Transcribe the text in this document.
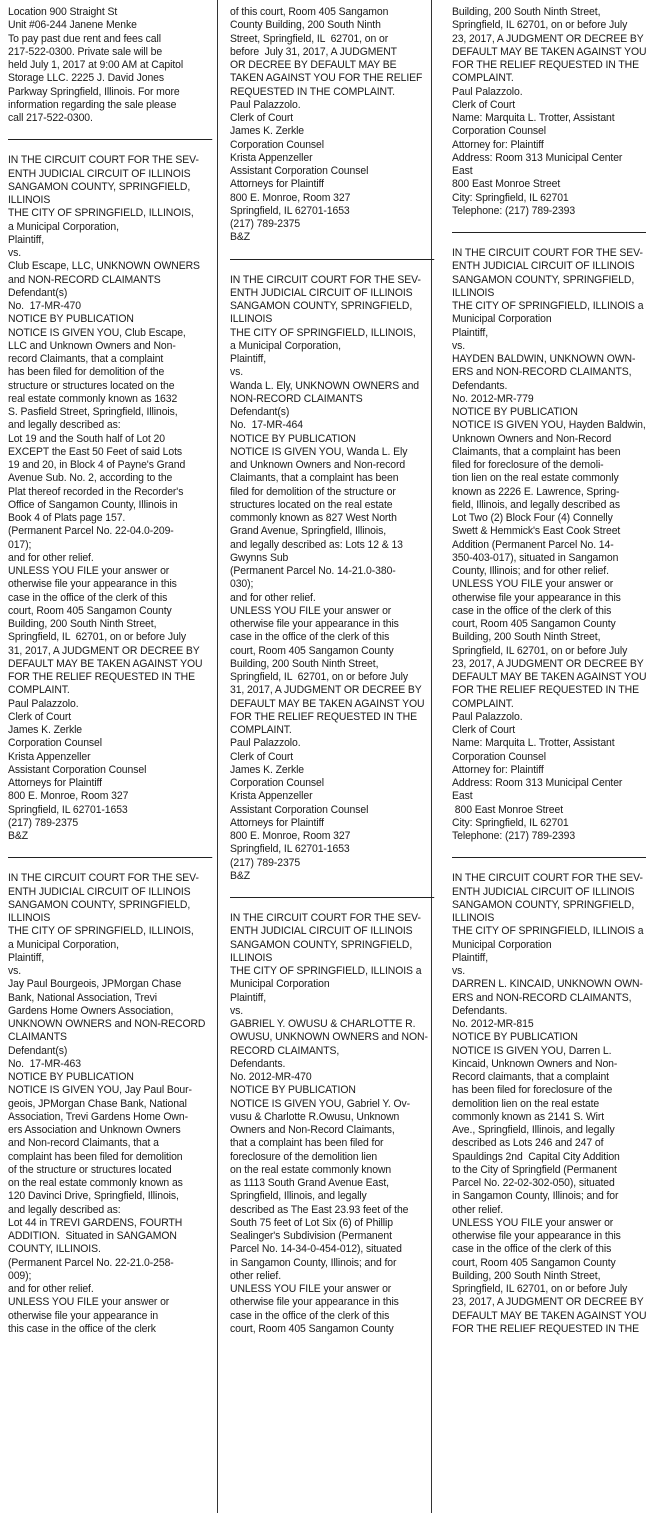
Location 900 Straight St
Unit #06-244 Janene Menke
To pay past due rent and fees call
217-522-0300. Private sale will be
held July 1, 2017 at 9:00 AM at Capitol
Storage LLC. 2225 J. David Jones
Parkway Springfield, Illinois. For more
information regarding the sale please
call 217-522-0300.
IN THE CIRCUIT COURT FOR THE SEV-
ENTH JUDICIAL CIRCUIT OF ILLINOIS
SANGAMON COUNTY, SPRINGFIELD,
ILLINOIS
THE CITY OF SPRINGFIELD, ILLINOIS,
a Municipal Corporation,
Plaintiff,
vs.
Club Escape, LLC, UNKNOWN OWNERS
and NON-RECORD CLAIMANTS
Defendant(s)
No.  17-MR-470
NOTICE BY PUBLICATION
NOTICE IS GIVEN YOU, Club Escape,
LLC and Unknown Owners and Non-
record Claimants, that a complaint
has been filed for demolition of the
structure or structures located on the
real estate commonly known as 1632
S. Pasfield Street, Springfield, Illinois,
and legally described as:
Lot 19 and the South half of Lot 20
EXCEPT the East 50 Feet of said Lots
19 and 20, in Block 4 of Payne's Grand
Avenue Sub. No. 2, according to the
Plat thereof recorded in the Recorder's
Office of Sangamon County, Illinois in
Book 4 of Plats page 157.
(Permanent Parcel No. 22-04.0-209-
017);
and for other relief.
UNLESS YOU FILE your answer or
otherwise file your appearance in this
case in the office of the clerk of this
court, Room 405 Sangamon County
Building, 200 South Ninth Street,
Springfield, IL  62701, on or before July
31, 2017, A JUDGMENT OR DECREE BY
DEFAULT MAY BE TAKEN AGAINST YOU
FOR THE RELIEF REQUESTED IN THE
COMPLAINT.
Paul Palazzolo.
Clerk of Court
James K. Zerkle
Corporation Counsel
Krista Appenzeller
Assistant Corporation Counsel
Attorneys for Plaintiff
800 E. Monroe, Room 327
Springfield, IL 62701-1653
(217) 789-2375
B&Z
IN THE CIRCUIT COURT FOR THE SEV-
ENTH JUDICIAL CIRCUIT OF ILLINOIS
SANGAMON COUNTY, SPRINGFIELD,
ILLINOIS
THE CITY OF SPRINGFIELD, ILLINOIS,
a Municipal Corporation,
Plaintiff,
vs.
Jay Paul Bourgeois, JPMorgan Chase
Bank, National Association, Trevi
Gardens Home Owners Association,
UNKNOWN OWNERS and NON-RECORD
CLAIMANTS
Defendant(s)
No.  17-MR-463
NOTICE BY PUBLICATION
NOTICE IS GIVEN YOU, Jay Paul Bour-
geois, JPMorgan Chase Bank, National
Association, Trevi Gardens Home Own-
ers Association and Unknown Owners
and Non-record Claimants, that a
complaint has been filed for demolition
of the structure or structures located
on the real estate commonly known as
120 Davinci Drive, Springfield, Illinois,
and legally described as:
Lot 44 in TREVI GARDENS, FOURTH
ADDITION.  Situated in SANGAMON
COUNTY, ILLINOIS.
(Permanent Parcel No. 22-21.0-258-
009);
and for other relief.
UNLESS YOU FILE your answer or
otherwise file your appearance in
this case in the office of the clerk
of this court, Room 405 Sangamon
County Building, 200 South Ninth
Street, Springfield, IL  62701, on or
before  July 31, 2017, A JUDGMENT
OR DECREE BY DEFAULT MAY BE
TAKEN AGAINST YOU FOR THE RELIEF
REQUESTED IN THE COMPLAINT.
Paul Palazzolo.
Clerk of Court
James K. Zerkle
Corporation Counsel
Krista Appenzeller
Assistant Corporation Counsel
Attorneys for Plaintiff
800 E. Monroe, Room 327
Springfield, IL 62701-1653
(217) 789-2375
B&Z
IN THE CIRCUIT COURT FOR THE SEV-
ENTH JUDICIAL CIRCUIT OF ILLINOIS
SANGAMON COUNTY, SPRINGFIELD,
ILLINOIS
THE CITY OF SPRINGFIELD, ILLINOIS,
a Municipal Corporation,
Plaintiff,
vs.
Wanda L. Ely, UNKNOWN OWNERS and
NON-RECORD CLAIMANTS
Defendant(s)
No.  17-MR-464
NOTICE BY PUBLICATION
NOTICE IS GIVEN YOU, Wanda L. Ely
and Unknown Owners and Non-record
Claimants, that a complaint has been
filed for demolition of the structure or
structures located on the real estate
commonly known as 827 West North
Grand Avenue, Springfield, Illinois,
and legally described as: Lots 12 & 13
Gwynns Sub
(Permanent Parcel No. 14-21.0-380-
030);
and for other relief.
UNLESS YOU FILE your answer or
otherwise file your appearance in this
case in the office of the clerk of this
court, Room 405 Sangamon County
Building, 200 South Ninth Street,
Springfield, IL  62701, on or before July
31, 2017, A JUDGMENT OR DECREE BY
DEFAULT MAY BE TAKEN AGAINST YOU
FOR THE RELIEF REQUESTED IN THE
COMPLAINT.
Paul Palazzolo.
Clerk of Court
James K. Zerkle
Corporation Counsel
Krista Appenzeller
Assistant Corporation Counsel
Attorneys for Plaintiff
800 E. Monroe, Room 327
Springfield, IL 62701-1653
(217) 789-2375
B&Z
IN THE CIRCUIT COURT FOR THE SEV-
ENTH JUDICIAL CIRCUIT OF ILLINOIS
SANGAMON COUNTY, SPRINGFIELD,
ILLINOIS
THE CITY OF SPRINGFIELD, ILLINOIS a
Municipal Corporation
Plaintiff,
vs.
GABRIEL Y. OWUSU & CHARLOTTE R.
OWUSU, UNKNOWN OWNERS and NON-
RECORD CLAIMANTS,
Defendants.
No. 2012-MR-470
NOTICE BY PUBLICATION
NOTICE IS GIVEN YOU, Gabriel Y. Ov-
vusu & Charlotte R.Owusu, Unknown
Owners and Non-Record Claimants,
that a complaint has been filed for
foreclosure of the demolition lien
on the real estate commonly known
as 1113 South Grand Avenue East,
Springfield, Illinois, and legally
described as The East 23.93 feet of the
South 75 feet of Lot Six (6) of Phillip
Sealinger's Subdivision (Permanent
Parcel No. 14-34-0-454-012), situated
in Sangamon County, Illinois; and for
other relief.
UNLESS YOU FILE your answer or
otherwise file your appearance in this
case in the office of the clerk of this
court, Room 405 Sangamon County
Building, 200 South Ninth Street,
Springfield, IL 62701, on or before July
23, 2017, A JUDGMENT OR DECREE BY
DEFAULT MAY BE TAKEN AGAINST YOU
FOR THE RELIEF REQUESTED IN THE
COMPLAINT.
Paul Palazzolo.
Clerk of Court
Name: Marquita L. Trotter, Assistant
Corporation Counsel
Attorney for: Plaintiff
Address: Room 313 Municipal Center
East
800 East Monroe Street
City: Springfield, IL 62701
Telephone: (217) 789-2393
IN THE CIRCUIT COURT FOR THE SEV-
ENTH JUDICIAL CIRCUIT OF ILLINOIS
SANGAMON COUNTY, SPRINGFIELD,
ILLINOIS
THE CITY OF SPRINGFIELD, ILLINOIS a
Municipal Corporation
Plaintiff,
vs.
HAYDEN BALDWIN, UNKNOWN OWN-
ERS and NON-RECORD CLAIMANTS,
Defendants.
No. 2012-MR-779
NOTICE BY PUBLICATION
NOTICE IS GIVEN YOU, Hayden Baldwin,
Unknown Owners and Non-Record
Claimants, that a complaint has been
filed for foreclosure of the demoli-
tion lien on the real estate commonly
known as 2226 E. Lawrence, Spring-
field, Illinois, and legally described as
Lot Two (2) Block Four (4) Connelly
Swett & Hemmick's East Cook Street
Addition (Permanent Parcel No. 14-
350-403-017), situated in Sangamon
County, Illinois; and for other relief.
UNLESS YOU FILE your answer or
otherwise file your appearance in this
case in the office of the clerk of this
court, Room 405 Sangamon County
Building, 200 South Ninth Street,
Springfield, IL 62701, on or before July
23, 2017, A JUDGMENT OR DECREE BY
DEFAULT MAY BE TAKEN AGAINST YOU
FOR THE RELIEF REQUESTED IN THE
COMPLAINT.
Paul Palazzolo.
Clerk of Court
Name: Marquita L. Trotter, Assistant
Corporation Counsel
Attorney for: Plaintiff
Address: Room 313 Municipal Center
East
800 East Monroe Street
City: Springfield, IL 62701
Telephone: (217) 789-2393
IN THE CIRCUIT COURT FOR THE SEV-
ENTH JUDICIAL CIRCUIT OF ILLINOIS
SANGAMON COUNTY, SPRINGFIELD,
ILLINOIS
THE CITY OF SPRINGFIELD, ILLINOIS a
Municipal Corporation
Plaintiff,
vs.
DARREN L. KINCAID, UNKNOWN OWN-
ERS and NON-RECORD CLAIMANTS,
Defendants.
No. 2012-MR-815
NOTICE BY PUBLICATION
NOTICE IS GIVEN YOU, Darren L.
Kincaid, Unknown Owners and Non-
Record claimants, that a complaint
has been filed for foreclosure of the
demolition lien on the real estate
commonly known as 2141 S. Wirt
Ave., Springfield, Illinois, and legally
described as Lots 246 and 247 of
Spauldings 2nd  Capital City Addition
to the City of Springfield (Permanent
Parcel No. 22-02-302-050), situated
in Sangamon County, Illinois; and for
other relief.
UNLESS YOU FILE your answer or
otherwise file your appearance in this
case in the office of the clerk of this
court, Room 405 Sangamon County
Building, 200 South Ninth Street,
Springfield, IL 62701, on or before July
23, 2017, A JUDGMENT OR DECREE BY
DEFAULT MAY BE TAKEN AGAINST YOU
FOR THE RELIEF REQUESTED IN THE
